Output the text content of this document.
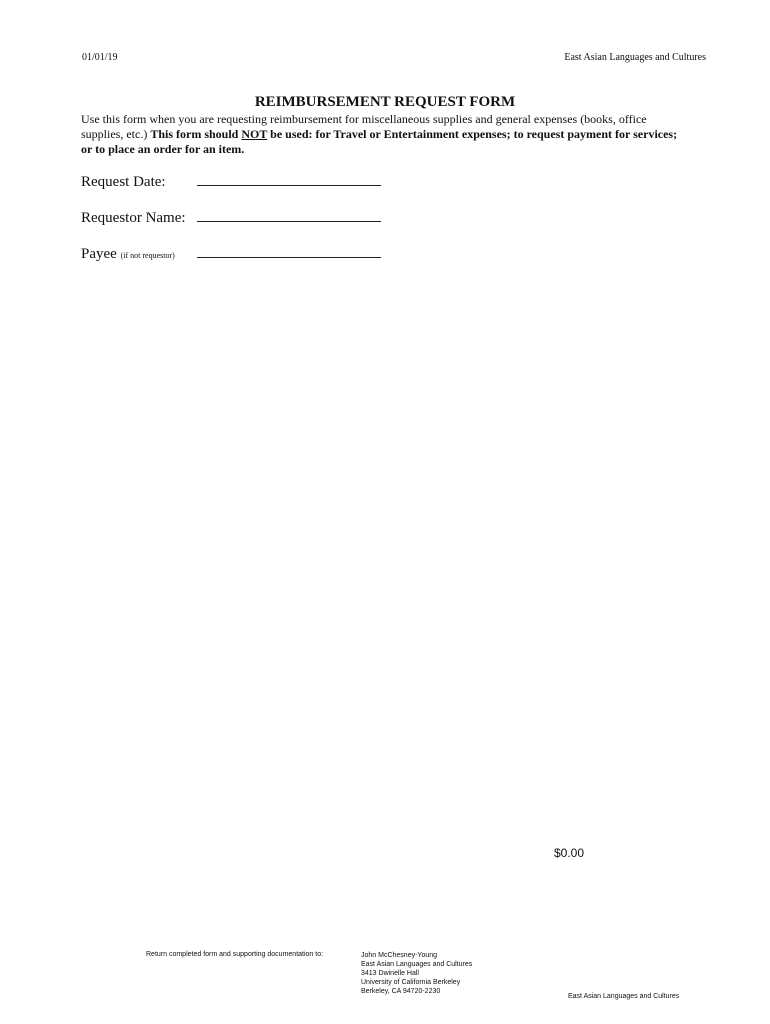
01/01/19	East Asian Languages and Cultures
REIMBURSEMENT REQUEST FORM
Use this form when you are requesting reimbursement for miscellaneous supplies and general expenses (books, office supplies, etc.) This form should NOT be used: for Travel or Entertainment expenses; to request payment for services; or to place an order for an item.
Request Date:
Requestor Name:
Payee (if not requestor)
$0.00
Return completed form and supporting documentation to:	John McChesney-Young
East Asian Languages and Cultures
3413 Dwinelle Hall
University of California Berkeley
Berkeley, CA 94720-2230
East Asian Languages and Cultures
